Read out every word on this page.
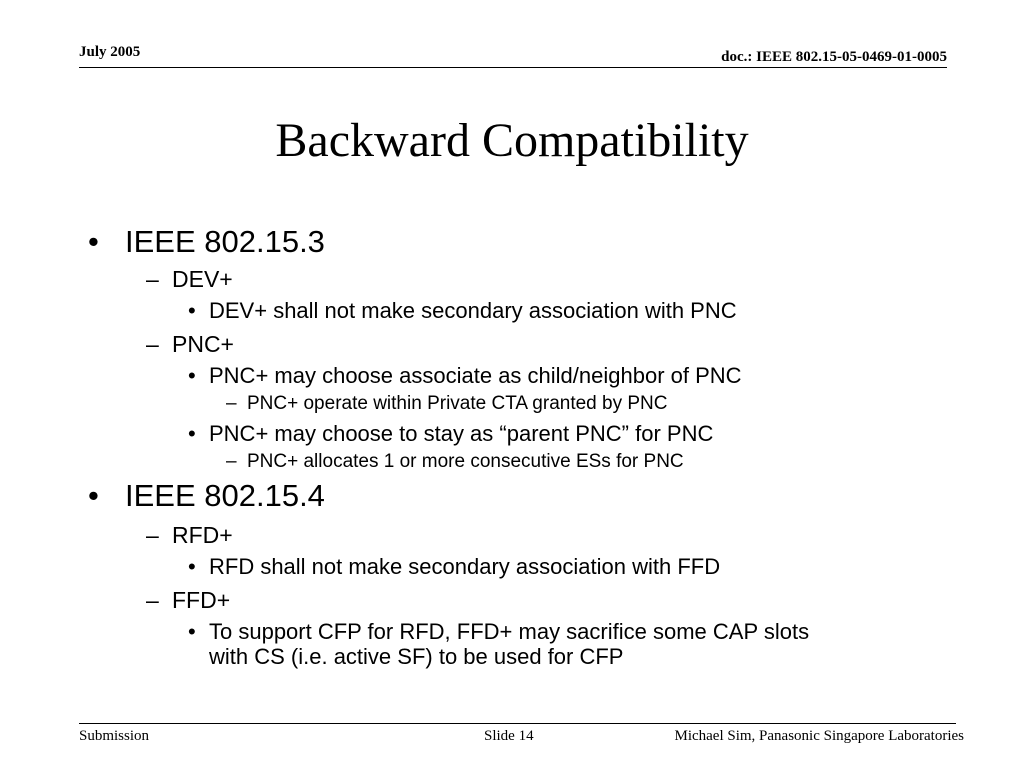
July 2005	doc.: IEEE 802.15-05-0469-01-0005
Backward Compatibility
• IEEE 802.15.3
– DEV+
• DEV+ shall not make secondary association with PNC
– PNC+
• PNC+ may choose associate as child/neighbor of PNC
– PNC+ operate within Private CTA granted by PNC
• PNC+ may choose to stay as “parent PNC” for PNC
– PNC+ allocates 1 or more consecutive ESs for PNC
• IEEE 802.15.4
– RFD+
• RFD shall not make secondary association with FFD
– FFD+
• To support CFP for RFD, FFD+ may sacrifice some CAP slots
with CS (i.e. active SF) to be used for CFP
Submission	Slide 14	Michael Sim, Panasonic Singapore Laboratories
